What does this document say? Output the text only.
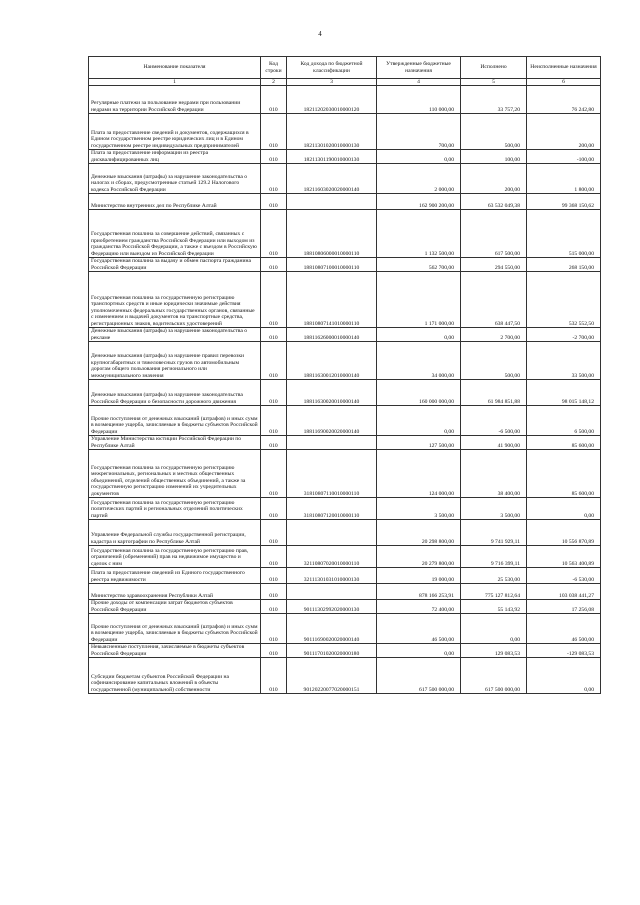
4
Наименование показателя	Код строки	Код дохода по бюджетной классификации	Утвержденные бюджетные назначения	Исполнено	Неисполненные назначения
1	2	3	4	5	6
Регулярные платежи за пользование недрами при пользовании недрами на территории Российской Федерации	010	18211202030010000120	110 000,00	33 757,20	76 242,80
Плата за предоставление сведений и документов, содержащихся в Едином государственном реестре юридических лиц и в Едином государственном реестре индивидуальных предпринимателей	010	18211301020010000130	700,00	500,00	200,00
Плата за предоставление информации из реестра дисквалифицированных лиц	010	18211301190010000130	0,00	100,00	-100,00
Денежные взыскания (штрафы) за нарушение законодательства о налогах и сборах, предусмотренные статьей 129.2 Налогового кодекса Российской Федерации	010	18211603020020000140	2 000,00	200,00	1 800,00
Министерство внутренних дел по Республике Алтай	010		162 900 200,00	63 532 049,38	99 368 150,62
Государственная пошлина за совершение действий, связанных с приобретением гражданства Российской Федерации или выходом из гражданства Российской Федерации, а также с въездом в Российскую Федерацию или выездом из Российской Федерации	010	18810806000010000110	1 132 500,00	617 500,00	515 000,00
Государственная пошлина за выдачу и обмен паспорта гражданина Российской Федерации	010	18810807100010000110	562 700,00	294 550,00	268 150,00
Государственная пошлина за государственную регистрацию транспортных средств и иные юридически значимые действия уполномоченных федеральных государственных органов, связанные с изменением и выдачей документов на транспортные средства, регистрационных знаков, водительских удостоверений	010	18810807141010000110	1 171 000,00	638 447,50	532 552,50
Денежные взыскания (штрафы) за нарушение законодательства о рекламе	010	18811626000010000140	0,00	2 700,00	-2 700,00
Денежные взыскания (штрафы) за нарушение правил перевозки крупногабаритных и тяжеловесных грузов по автомобильным дорогам общего пользования регионального или межмуниципального значения	010	18811630012010000140	34 000,00	500,00	33 500,00
Денежные взыскания (штрафы) за нарушение законодательства Российской Федерации о безопасности дорожного движения	010	18811630020010000140	160 000 000,00	61 984 851,88	98 015 148,12
Прочие поступления от денежных взысканий (штрафов) и иных сумм в возмещение ущерба, зачисляемые в бюджеты субъектов Российской Федерации	010	18811690020020000140	0,00	-6 500,00	6 500,00
Управление Министерства юстиции Российской Федерации по Республике Алтай	010		127 500,00	41 900,00	85 600,00
Государственная пошлина за государственную регистрацию межрегиональных, региональных и местных общественных объединений, отделений общественных объединений, а также за государственную регистрацию изменений их учредительных документов	010	31810807110010000110	124 000,00	38 400,00	85 600,00
Государственная пошлина за государственную регистрацию политических партий и региональных отделений политических партий	010	31810807120010000110	3 500,00	3 500,00	0,00
Управление Федеральной службы государственной регистрации, кадастра и картографии по Республике Алтай	010		20 298 800,00	9 741 929,11	10 556 870,89
Государственная пошлина за государственную регистрацию прав, ограничений (обременений) прав на недвижимое имущество и сделок с ним	010	32110807020010000110	20 279 800,00	9 716 399,11	10 563 400,89
Плата за предоставление сведений из Единого государственного реестра недвижимости	010	32111301031010000130	19 000,00	25 530,00	-6 530,00
Министерство здравоохранения Республики Алтай	010		878 166 253,91	775 127 812,64	103 038 441,27
Прочие доходы от компенсации затрат бюджетов субъектов Российской Федерации	010	90111302992020000130	72 400,00	55 143,92	17 256,08
Прочие поступления от денежных взысканий (штрафов) и иных сумм в возмещение ущерба, зачисляемые в бюджеты субъектов Российской Федерации	010	90111690020020000140	46 500,00	0,00	46 500,00
Невыясненные поступления, зачисляемые в бюджеты субъектов Российской Федерации	010	90111701020020000180	0,00	129 083,53	-129 083,53
Субсидии бюджетам субъектов Российской Федерации на софинансирование капитальных вложений в объекты государственной (муниципальной) собственности	010	90120220077020000151	617 500 000,00	617 500 000,00	0,00
